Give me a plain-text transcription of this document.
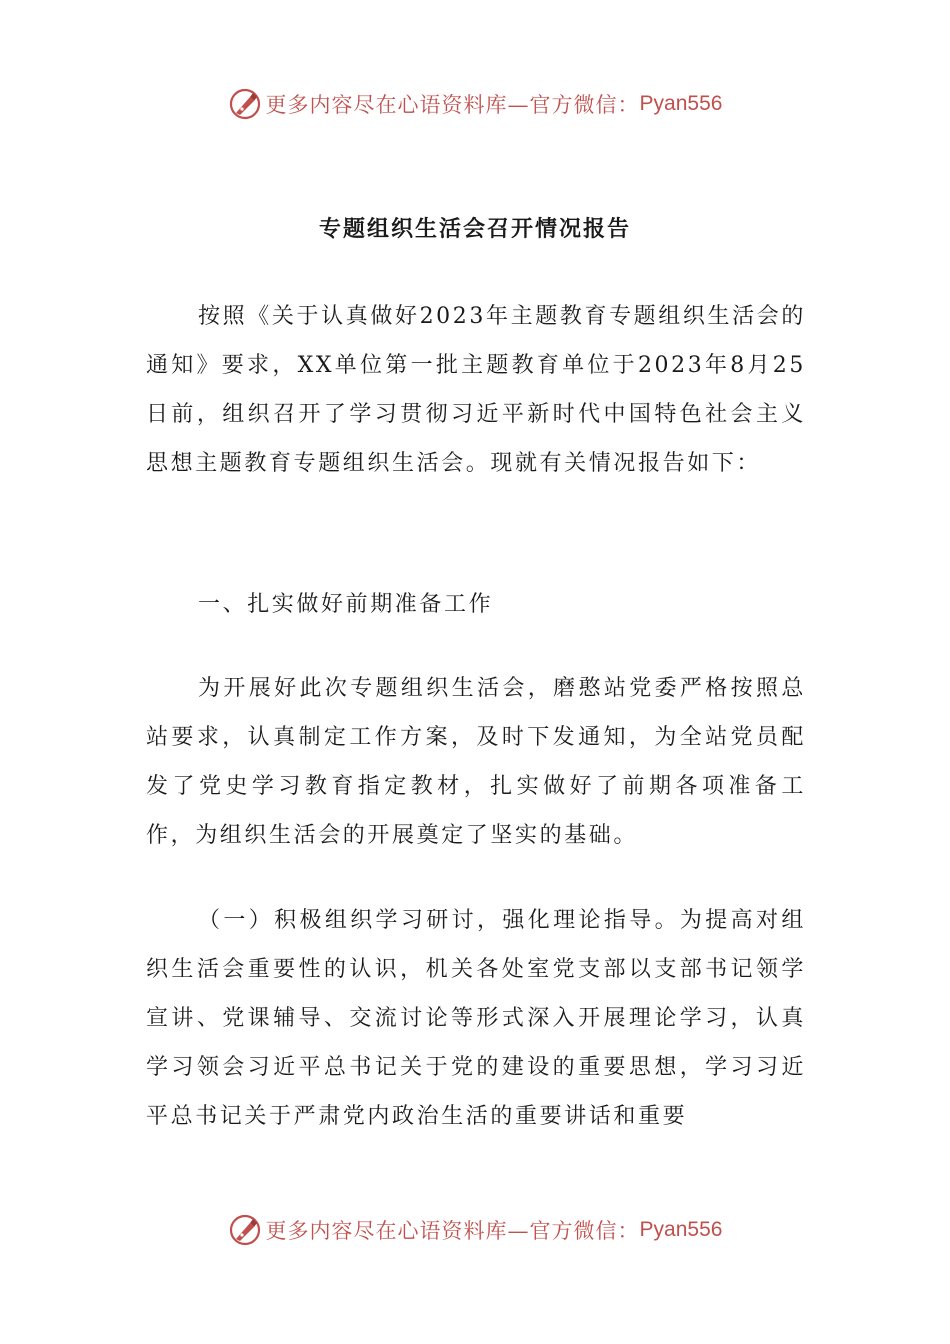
更多内容尽在心语资料库—官方微信： Pyan556
专题组织生活会召开情况报告
按照《关于认真做好2023年主题教育专题组织生活会的通知》要求，XX单位第一批主题教育单位于2023年8月25日前，组织召开了学习贯彻习近平新时代中国特色社会主义思想主题教育专题组织生活会。现就有关情况报告如下：
一、扎实做好前期准备工作
为开展好此次专题组织生活会，磨憨站党委严格按照总站要求，认真制定工作方案，及时下发通知，为全站党员配发了党史学习教育指定教材，扎实做好了前期各项准备工作，为组织生活会的开展奠定了坚实的基础。
（一）积极组织学习研讨，强化理论指导。为提高对组织生活会重要性的认识，机关各处室党支部以支部书记领学宣讲、党课辅导、交流讨论等形式深入开展理论学习，认真学习领会习近平总书记关于党的建设的重要思想，学习习近平总书记关于严肃党内政治生活的重要讲话和重要
更多内容尽在心语资料库—官方微信： Pyan556
